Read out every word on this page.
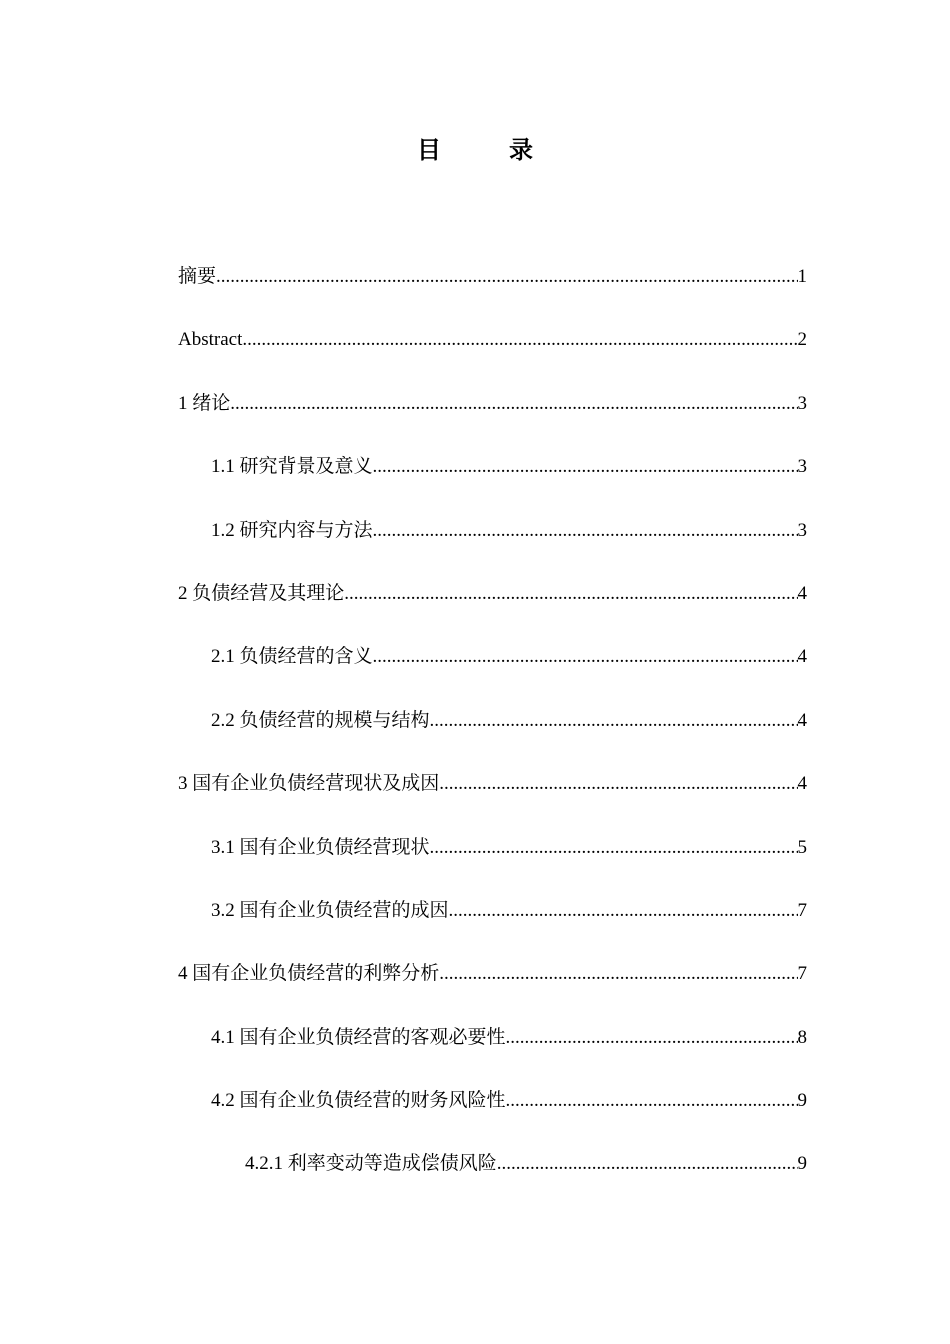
目　录
摘要 .....	1
Abstract .....	2
1 绪论 .....	3
1.1 研究背景及意义 .....	3
1.2 研究内容与方法 .....	3
2 负债经营及其理论 .....	4
2.1 负债经营的含义 .....	4
2.2 负债经营的规模与结构 .....	4
3 国有企业负债经营现状及成因 .....	4
3.1 国有企业负债经营现状 .....	5
3.2 国有企业负债经营的成因 .....	7
4 国有企业负债经营的利弊分析 .....	7
4.1 国有企业负债经营的客观必要性 .....	8
4.2 国有企业负债经营的财务风险性 .....	9
4.2.1 利率变动等造成偿债风险 .....	9
